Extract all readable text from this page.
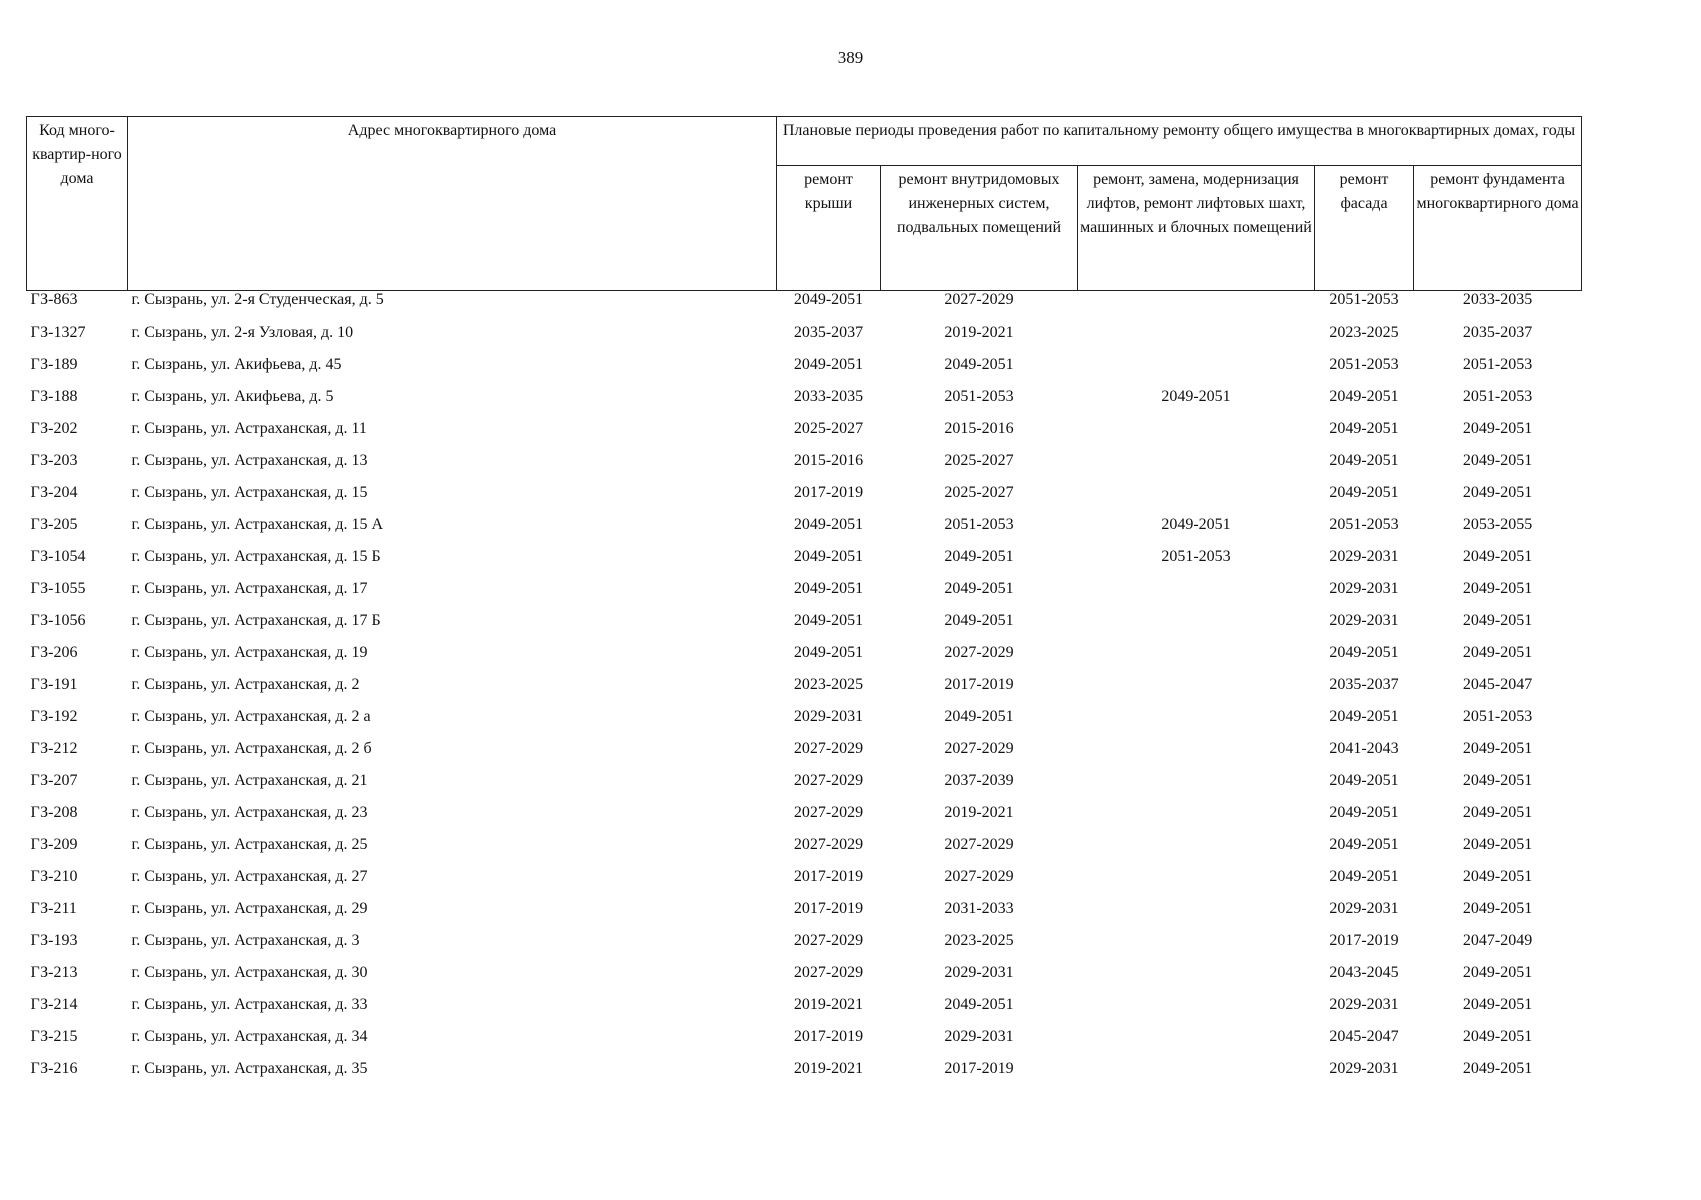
389
Код много-квартир-ного дома	Адрес многоквартирного дома	Плановые периоды проведения работ по капитальному ремонту общего имущества в многоквартирных домах, годы				
		ремонт крыши	ремонт внутридомовых инженерных систем, подвальных помещений	ремонт, замена, модернизация лифтов, ремонт лифтовых шахт, машинных и блочных помещений	ремонт фасада	ремонт фундамента многоквартирного дома
ГЗ-863	г. Сызрань, ул. 2-я Студенческая, д. 5	2049-2051	2027-2029		2051-2053	2033-2035
ГЗ-1327	г. Сызрань, ул. 2-я Узловая, д. 10	2035-2037	2019-2021		2023-2025	2035-2037
ГЗ-189	г. Сызрань, ул. Акифьева, д. 45	2049-2051	2049-2051		2051-2053	2051-2053
ГЗ-188	г. Сызрань, ул. Акифьева, д. 5	2033-2035	2051-2053	2049-2051	2049-2051	2051-2053
ГЗ-202	г. Сызрань, ул. Астраханская, д. 11	2025-2027	2015-2016		2049-2051	2049-2051
ГЗ-203	г. Сызрань, ул. Астраханская, д. 13	2015-2016	2025-2027		2049-2051	2049-2051
ГЗ-204	г. Сызрань, ул. Астраханская, д. 15	2017-2019	2025-2027		2049-2051	2049-2051
ГЗ-205	г. Сызрань, ул. Астраханская, д. 15 А	2049-2051	2051-2053	2049-2051	2051-2053	2053-2055
ГЗ-1054	г. Сызрань, ул. Астраханская, д. 15 Б	2049-2051	2049-2051	2051-2053	2029-2031	2049-2051
ГЗ-1055	г. Сызрань, ул. Астраханская, д. 17	2049-2051	2049-2051		2029-2031	2049-2051
ГЗ-1056	г. Сызрань, ул. Астраханская, д. 17 Б	2049-2051	2049-2051		2029-2031	2049-2051
ГЗ-206	г. Сызрань, ул. Астраханская, д. 19	2049-2051	2027-2029		2049-2051	2049-2051
ГЗ-191	г. Сызрань, ул. Астраханская, д. 2	2023-2025	2017-2019		2035-2037	2045-2047
ГЗ-192	г. Сызрань, ул. Астраханская, д. 2 а	2029-2031	2049-2051		2049-2051	2051-2053
ГЗ-212	г. Сызрань, ул. Астраханская, д. 2 б	2027-2029	2027-2029		2041-2043	2049-2051
ГЗ-207	г. Сызрань, ул. Астраханская, д. 21	2027-2029	2037-2039		2049-2051	2049-2051
ГЗ-208	г. Сызрань, ул. Астраханская, д. 23	2027-2029	2019-2021		2049-2051	2049-2051
ГЗ-209	г. Сызрань, ул. Астраханская, д. 25	2027-2029	2027-2029		2049-2051	2049-2051
ГЗ-210	г. Сызрань, ул. Астраханская, д. 27	2017-2019	2027-2029		2049-2051	2049-2051
ГЗ-211	г. Сызрань, ул. Астраханская, д. 29	2017-2019	2031-2033		2029-2031	2049-2051
ГЗ-193	г. Сызрань, ул. Астраханская, д. 3	2027-2029	2023-2025		2017-2019	2047-2049
ГЗ-213	г. Сызрань, ул. Астраханская, д. 30	2027-2029	2029-2031		2043-2045	2049-2051
ГЗ-214	г. Сызрань, ул. Астраханская, д. 33	2019-2021	2049-2051		2029-2031	2049-2051
ГЗ-215	г. Сызрань, ул. Астраханская, д. 34	2017-2019	2029-2031		2045-2047	2049-2051
ГЗ-216	г. Сызрань, ул. Астраханская, д. 35	2019-2021	2017-2019		2029-2031	2049-2051
